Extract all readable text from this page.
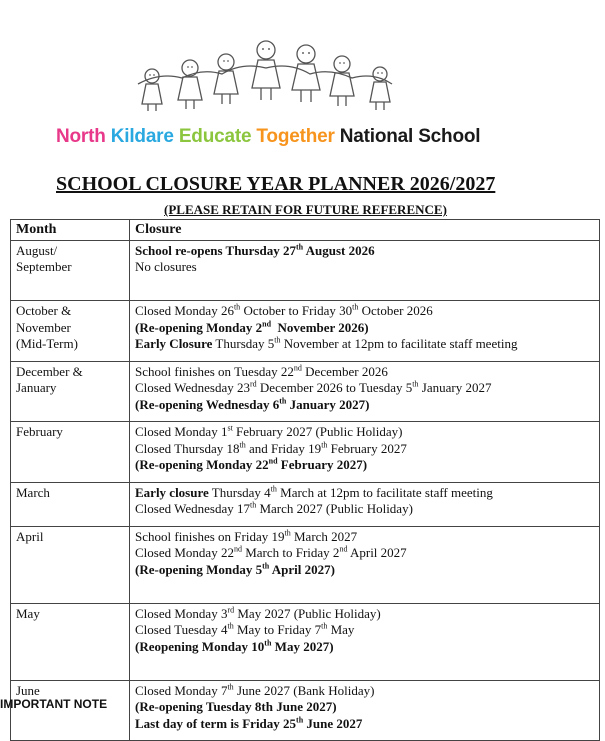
North Kildare Educate Together National School
SCHOOL CLOSURE YEAR PLANNER 2026/2027
(PLEASE RETAIN FOR FUTURE REFERENCE)
Month	Closure

August/
September	School re-opens Thursday 27th August 2026
No closures

October &
November
(Mid-Term)	Closed Monday 26th October to Friday 30th October 2026
(Re-opening Monday 2nd  November 2026)
Early Closure Thursday 5th November at 12pm to facilitate staff meeting

December &
January	School finishes on Tuesday 22nd December 2026
Closed Wednesday 23rd December 2026 to Tuesday 5th January 2027
(Re-opening Wednesday 6th January 2027)

February	Closed Monday 1st February 2027 (Public Holiday)
Closed Thursday 18th and Friday 19th February 2027
(Re-opening Monday 22nd February 2027)

March	Early closure Thursday 4th March at 12pm to facilitate staff meeting
Closed Wednesday 17th March 2027 (Public Holiday)

April	School finishes on Friday 19th March 2027
Closed Monday 22nd March to Friday 2nd April 2027
(Re-opening Monday 5th April 2027)

May	Closed Monday 3rd May 2027 (Public Holiday)
Closed Tuesday 4th May to Friday 7th May
(Reopening Monday 10th May 2027)

June	Closed Monday 7th June 2027 (Bank Holiday)
(Re-opening Tuesday 8th June 2027)
Last day of term is Friday 25th June 2027
IMPORTANT NOTE
